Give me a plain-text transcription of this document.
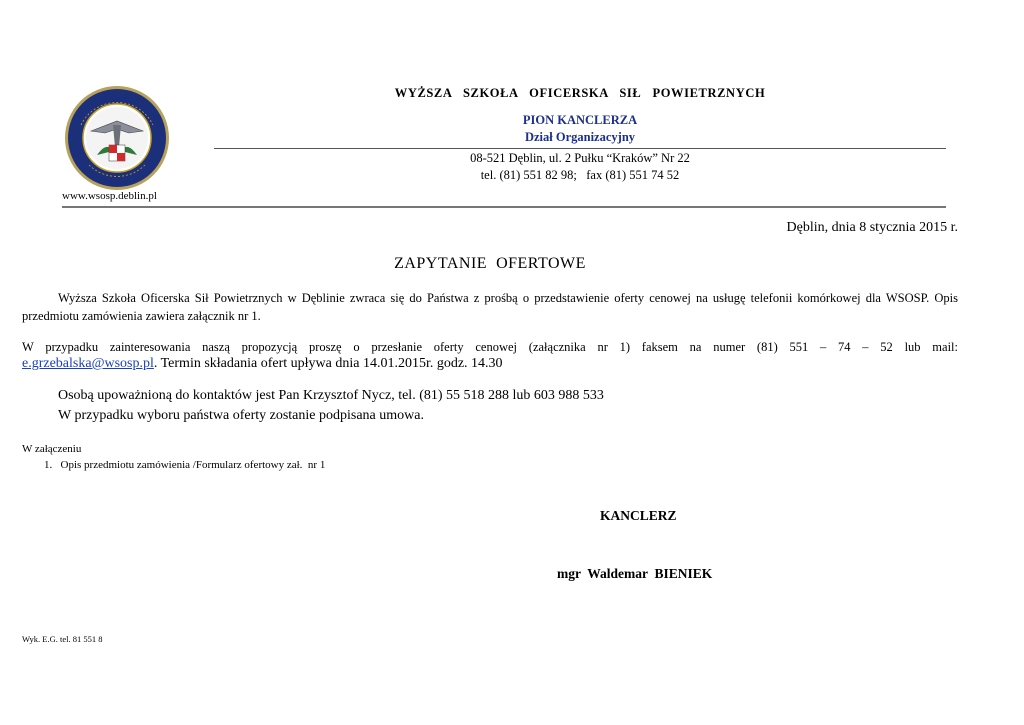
www.wsosp.deblin.pl
WYŻSZA   SZKOŁA   OFICERSKA   SIŁ   POWIETRZNYCH
PION KANCLERZA
Dział Organizacyjny
08-521 Dęblin, ul. 2 Pułku “Kraków” Nr 22
tel. (81) 551 82 98;   fax (81) 551 74 52
Dęblin, dnia 8 stycznia 2015 r.
ZAPYTANIE  OFERTOWE
Wyższa Szkoła Oficerska Sił Powietrznych w Dęblinie zwraca się do Państwa z prośbą o przedstawienie oferty cenowej na usługę telefonii komórkowej dla WSOSP. Opis przedmiotu zamówienia zawiera załącznik nr 1.
W przypadku zainteresowania naszą propozycją proszę o przesłanie oferty cenowej (załącznika nr 1) faksem na numer (81) 551 – 74 – 52 lub mail:
e.grzebalska@wsosp.pl. Termin składania ofert upływa dnia 14.01.2015r. godz. 14.30
Osobą upoważnioną do kontaktów jest Pan Krzysztof Nycz, tel. (81) 55 518 288 lub 603 988 533
W przypadku wyboru państwa oferty zostanie podpisana umowa.
W załączeniu
1.   Opis przedmiotu zamówienia /Formularz ofertowy zał.  nr 1
KANCLERZ
mgr  Waldemar  BIENIEK
Wyk. E.G. tel. 81 551 8
